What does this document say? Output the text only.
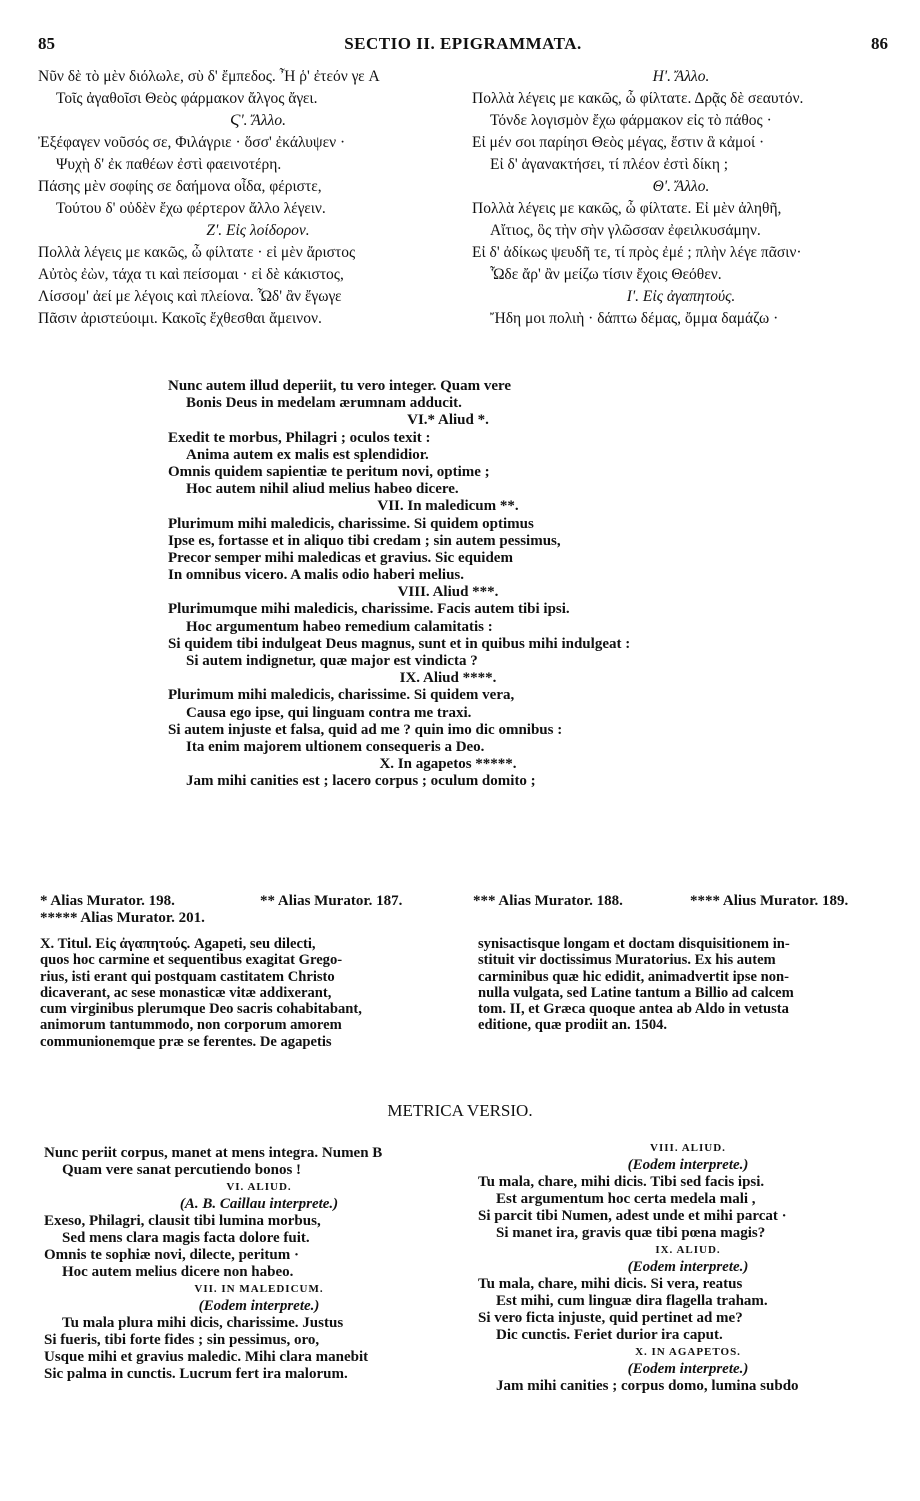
85	SECTIO II. EPIGRAMMATA.	86
Νῦν δὲ τὸ μὲν διόλωλε, σὺ δ' ἔμπεδος. Ἦ ῥ' ἐτεόν γε A
Τοῖς ἀγαθοῖσι Θεὸς φάρμακον ἄλγος ἄγει.
Ϛ'. Ἄλλο.
Ἐξέφαγεν νοῦσός σε, Φιλάγριε · ὅσσ' ἐκάλυψεν ·
Ψυχὴ δ' ἐκ παθέων ἐστὶ φαεινοτέρη.
Πάσης μὲν σοφίης σε δαήμονα οἶδα, φέριστε,
Τούτου δ' οὐδὲν ἔχω φέρτερον ἄλλο λέγειν.
Ζ'. Εἰς λοίδορον.
Πολλὰ λέγεις με κακῶς, ὦ φίλτατε · εἰ μὲν ἄριστος
Αὐτὸς ἐὼν, τάχα τι καὶ πείσομαι · εἰ δὲ κάκιστος,
Λίσσομ' ἀεί με λέγοις καὶ πλείονα. Ὧδ' ἂν ἔγωγε
Πᾶσιν ἀριστεύοιμι. Κακοῖς ἔχθεσθαι ἄμεινον.
Η'. Ἄλλο.
Πολλὰ λέγεις με κακῶς, ὦ φίλτατε. Δρᾷς δὲ σεαυτόν.
Τόνδε λογισμὸν ἔχω φάρμακον εἰς τὸ πάθος ·
Εἰ μέν σοι παρίησι Θεὸς μέγας, ἔστιν ἃ κἀμοί ·
Εἰ δ' ἀγανακτήσει, τί πλέον ἐστὶ δίκη ;
Θ'. Ἄλλο.
Πολλὰ λέγεις με κακῶς, ὦ φίλτατε. Εἰ μὲν ἀληθῆ,
Αἴτιος, ὃς τὴν σὴν γλῶσσαν ἐφειλκυσάμην.
Εἰ δ' ἀδίκως ψευδῆ τε, τί πρὸς ἐμέ ; πλὴν λέγε πᾶσιν·
Ὧδε ἄρ' ἂν μείζω τίσιν ἔχοις Θεόθεν.
Ι'. Εἰς ἀγαπητούς.
Ἤδη μοι πολιὴ · δάπτω δέμας, ὄμμα δαμάζω ·
Nunc autem illud deperiit, tu vero integer. Quam vere
Bonis Deus in medelam ærumnam adducit.
VI.* Aliud *.
Exedit te morbus, Philagri ; oculos texit :
Anima autem ex malis est splendidior.
Omnis quidem sapientiæ te peritum novi, optime ;
Hoc autem nihil aliud melius habeo dicere.
VII. In maledicum **.
Plurimum mihi maledicis, charissime. Si quidem optimus
Ipse es, fortasse et in aliquo tibi credam ; sin autem pessimus,
Precor semper mihi maledicas et gravius. Sic equidem
In omnibus vicero. A malis odio haberi melius.
VIII. Aliud ***.
Plurimumque mihi maledicis, charissime. Facis autem tibi ipsi.
Hoc argumentum habeo remedium calamitatis :
Si quidem tibi indulgeat Deus magnus, sunt et in quibus mihi indulgeat :
Si autem indignetur, quæ major est vindicta ?
IX. Aliud ****.
Plurimum mihi maledicis, charissime. Si quidem vera,
Causa ego ipse, qui linguam contra me traxi.
Si autem injuste et falsa, quid ad me ? quin imo dic omnibus :
Ita enim majorem ultionem consequeris a Deo.
X. In agapetos *****.
Jam mihi canities est ; lacero corpus ; oculum domito ;
* Alias Murator. 198.	** Alias Murator. 187.	*** Alias Murator. 188.	**** Alius Murator. 189.
***** Alias Murator. 201.
X. Titul. Εἰς ἀγαπητούς. Agapeti, seu dilecti,
quos hoc carmine et sequentibus exagitat Grego-
rius, isti erant qui postquam castitatem Christo
dicaverant, ac sese monasticæ vitæ addixerant,
cum virginibus plerumque Deo sacris cohabitabant,
animorum tantummodo, non corporum amorem
communionemque præ se ferentes. De agapetis
synisactisque longam et doctam disquisitionem in-
stituit vir doctissimus Muratorius. Ex his autem
carminibus quæ hic edidit, animadvertit ipse non-
nulla vulgata, sed Latine tantum a Billio ad calcem
tom. II, et Græca quoque antea ab Aldo in vetusta
editione, quæ prodiit an. 1504.
METRICA VERSIO.
Nunc periit corpus, manet at mens integra. Numen B
Quam vere sanat percutiendo bonos !
VI. ALIUD.
(A. B. Caillau interprete.)
Exeso, Philagri, clausit tibi lumina morbus,
Sed mens clara magis facta dolore fuit.
Omnis te sophiæ novi, dilecte, peritum ·
Hoc autem melius dicere non habeo.
VII. IN MALEDICUM.
(Eodem interprete.)
Tu mala plura mihi dicis, charissime. Justus
Si fueris, tibi forte fides ; sin pessimus, oro,
Usque mihi et gravius maledic. Mihi clara manebit
Sic palma in cunctis. Lucrum fert ira malorum.
VIII. ALIUD.
(Eodem interprete.)
Tu mala, chare, mihi dicis. Tibi sed facis ipsi.
Est argumentum hoc certa medela mali ,
Si parcit tibi Numen, adest unde et mihi parcat ·
Si manet ira, gravis quæ tibi pœna magis?
IX. ALIUD.
(Eodem interprete.)
Tu mala, chare, mihi dicis. Si vera, reatus
Est mihi, cum linguæ dira flagella traham.
Si vero ficta injuste, quid pertinet ad me?
Dic cunctis. Feriet durior ira caput.
X. IN AGAPETOS.
(Eodem interprete.)
Jam mihi canities ; corpus domo, lumina subdo
